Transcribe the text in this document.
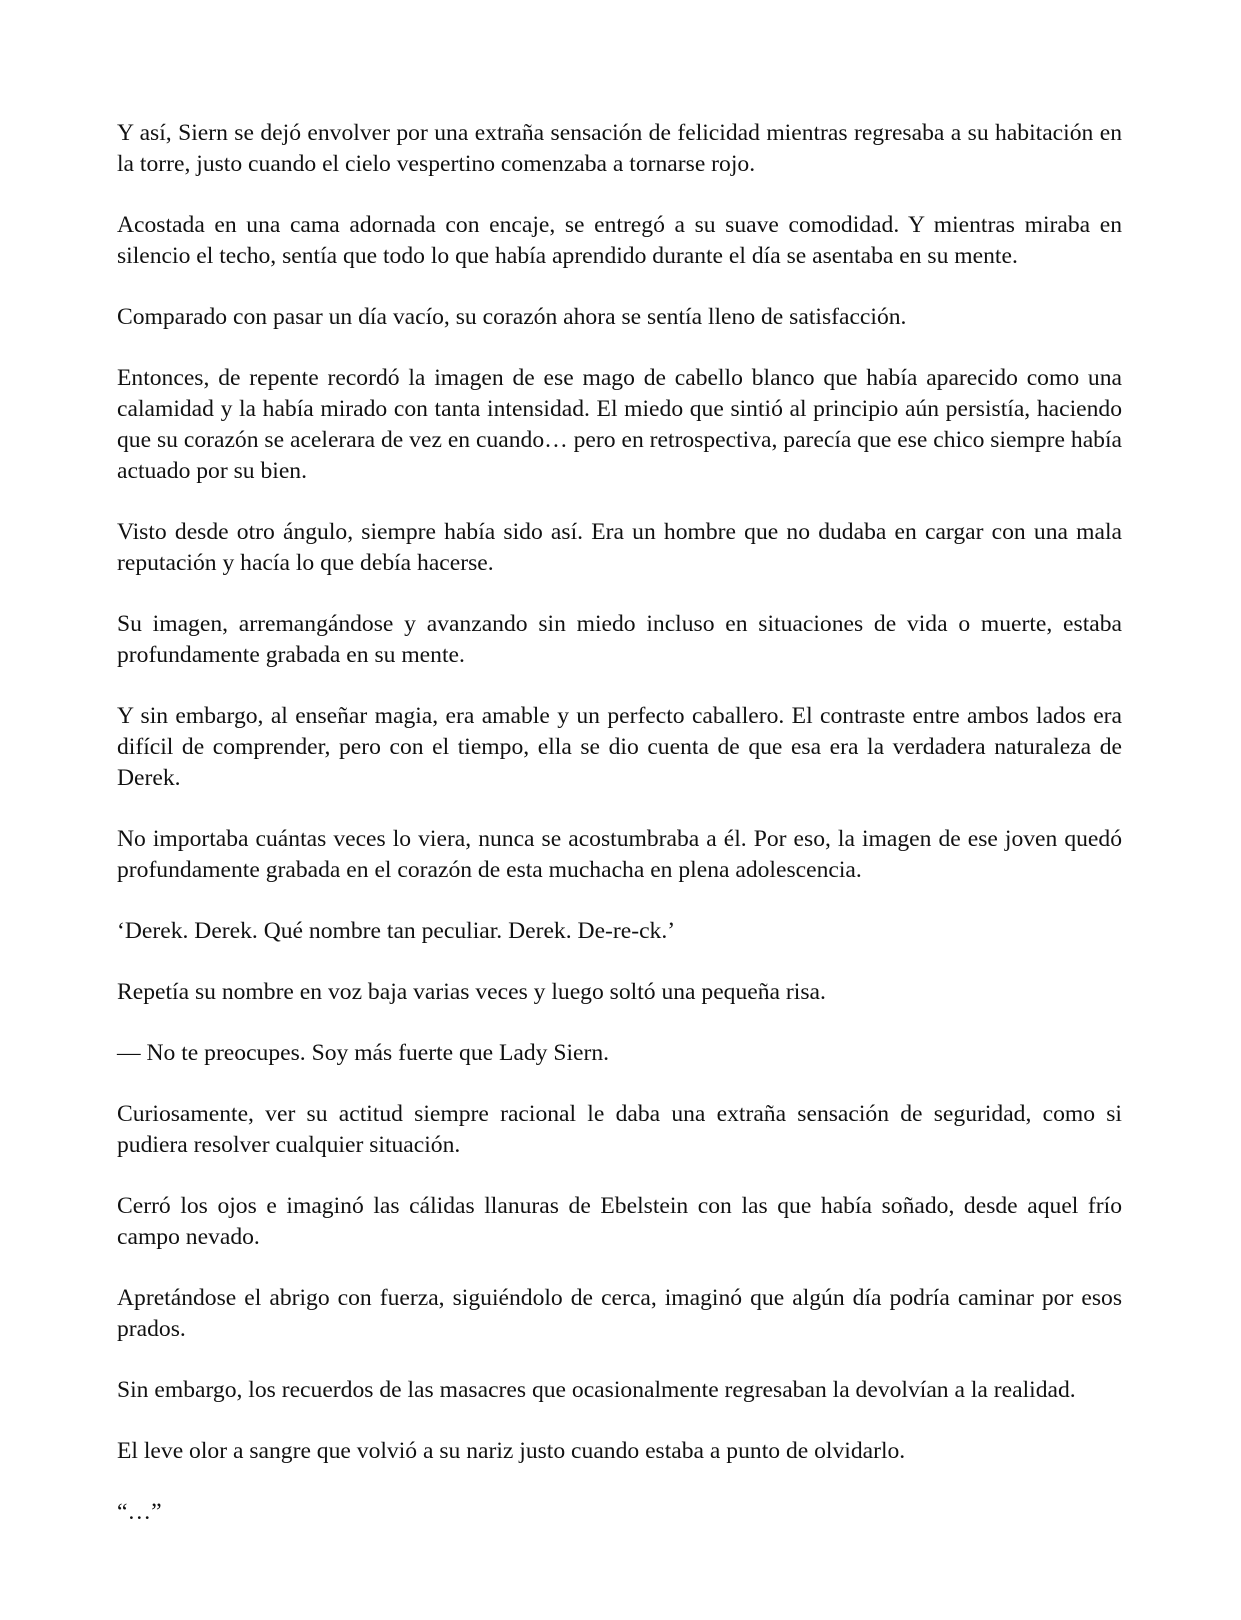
Y así, Siern se dejó envolver por una extraña sensación de felicidad mientras regresaba a su habitación en la torre, justo cuando el cielo vespertino comenzaba a tornarse rojo.

Acostada en una cama adornada con encaje, se entregó a su suave comodidad. Y mientras miraba en silencio el techo, sentía que todo lo que había aprendido durante el día se asentaba en su mente.

Comparado con pasar un día vacío, su corazón ahora se sentía lleno de satisfacción.

Entonces, de repente recordó la imagen de ese mago de cabello blanco que había aparecido como una calamidad y la había mirado con tanta intensidad. El miedo que sintió al principio aún persistía, haciendo que su corazón se acelerara de vez en cuando… pero en retrospectiva, parecía que ese chico siempre había actuado por su bien.

Visto desde otro ángulo, siempre había sido así. Era un hombre que no dudaba en cargar con una mala reputación y hacía lo que debía hacerse.

Su imagen, arremangándose y avanzando sin miedo incluso en situaciones de vida o muerte, estaba profundamente grabada en su mente.

Y sin embargo, al enseñar magia, era amable y un perfecto caballero. El contraste entre ambos lados era difícil de comprender, pero con el tiempo, ella se dio cuenta de que esa era la verdadera naturaleza de Derek.

No importaba cuántas veces lo viera, nunca se acostumbraba a él. Por eso, la imagen de ese joven quedó profundamente grabada en el corazón de esta muchacha en plena adolescencia.

‘Derek. Derek. Qué nombre tan peculiar. Derek. De-re-ck.’

Repetía su nombre en voz baja varias veces y luego soltó una pequeña risa.

— No te preocupes. Soy más fuerte que Lady Siern.

Curiosamente, ver su actitud siempre racional le daba una extraña sensación de seguridad, como si pudiera resolver cualquier situación.

Cerró los ojos e imaginó las cálidas llanuras de Ebelstein con las que había soñado, desde aquel frío campo nevado.

Apretándose el abrigo con fuerza, siguiéndolo de cerca, imaginó que algún día podría caminar por esos prados.

Sin embargo, los recuerdos de las masacres que ocasionalmente regresaban la devolvían a la realidad.

El leve olor a sangre que volvió a su nariz justo cuando estaba a punto de olvidarlo.

“…”
